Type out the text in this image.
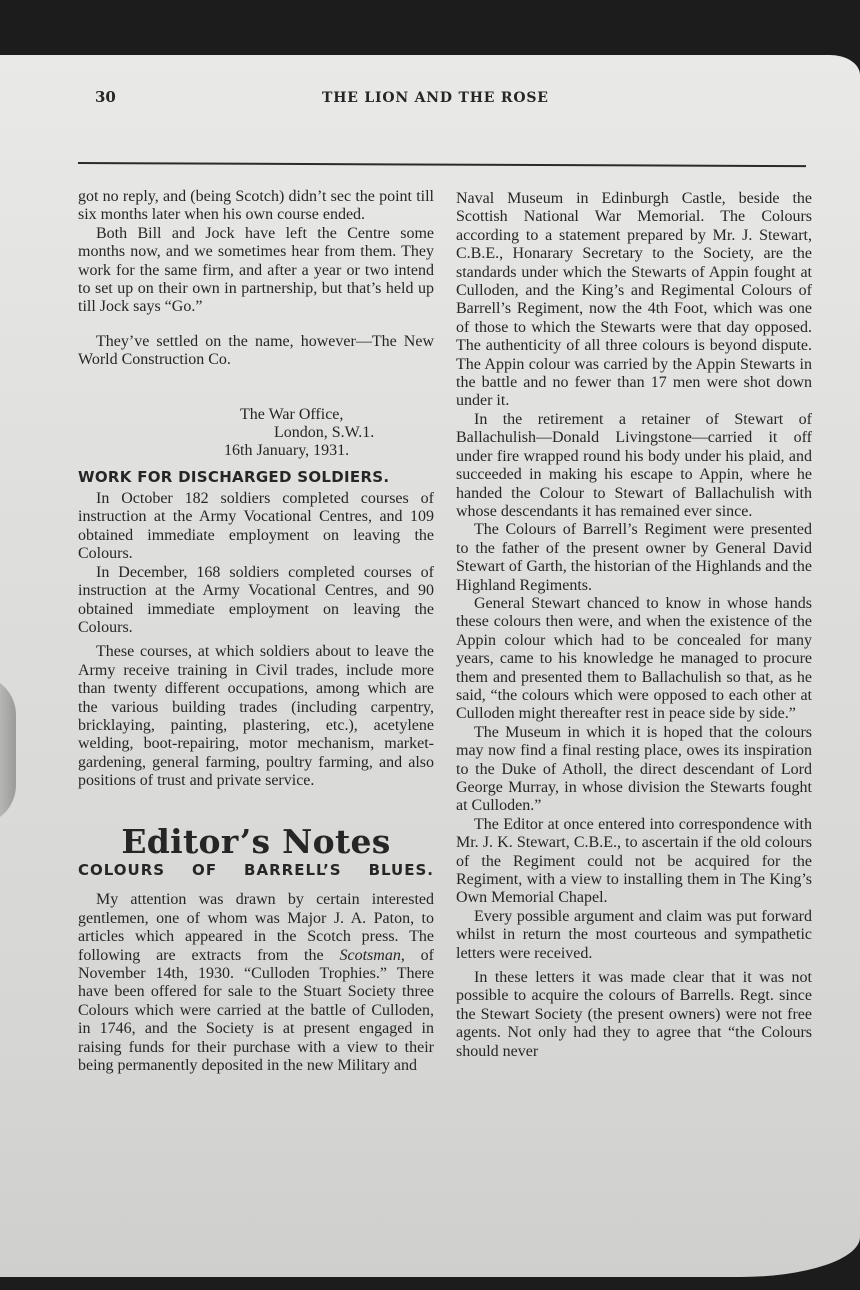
30	THE LION AND THE ROSE

got no reply, and (being Scotch) didn’t sec the point till six months later when his own course ended.

Both Bill and Jock have left the Centre some months now, and we sometimes hear from them. They work for the same firm, and after a year or two intend to set up on their own in partnership, but that’s held up till Jock says “Go.”

They’ve settled on the name, however—The New World Construction Co.

The War Office,
London, S.W.1.
16th January, 1931.
WORK FOR DISCHARGED SOLDIERS.

In October 182 soldiers completed courses of instruction at the Army Vocational Centres, and 109 obtained immediate employment on leaving the Colours.

In December, 168 soldiers completed courses of instruction at the Army Vocational Centres, and 90 obtained immediate employment on leaving the Colours.

These courses, at which soldiers about to leave the Army receive training in Civil trades, include more than twenty different occupations, among which are the various building trades (including carpentry, bricklaying, painting, plastering, etc.), acetylene welding, boot-repairing, motor mechanism, market-gardening, general farming, poultry farming, and also positions of trust and private service.

Editor’s Notes
COLOURS OF BARRELL’S BLUES.

My attention was drawn by certain interested gentlemen, one of whom was Major J. A. Paton, to articles which appeared in the Scotch press. The following are extracts from the Scotsman, of November 14th, 1930. “Culloden Trophies.” There have been offered for sale to the Stuart Society three Colours which were carried at the battle of Culloden, in 1746, and the Society is at present engaged in raising funds for their purchase with a view to their being permanently deposited in the new Military and

Naval Museum in Edinburgh Castle, beside the Scottish National War Memorial. The Colours according to a statement prepared by Mr. J. Stewart, C.B.E., Honarary Secretary to the Society, are the standards under which the Stewarts of Appin fought at Culloden, and the King’s and Regimental Colours of Barrell’s Regiment, now the 4th Foot, which was one of those to which the Stewarts were that day opposed. The authenticity of all three colours is beyond dispute. The Appin colour was carried by the Appin Stewarts in the battle and no fewer than 17 men were shot down under it.

In the retirement a retainer of Stewart of Ballachulish—Donald Livingstone—carried it off under fire wrapped round his body under his plaid, and succeeded in making his escape to Appin, where he handed the Colour to Stewart of Ballachulish with whose descendants it has remained ever since.

The Colours of Barrell’s Regiment were presented to the father of the present owner by General David Stewart of Garth, the historian of the Highlands and the Highland Regiments.

General Stewart chanced to know in whose hands these colours then were, and when the existence of the Appin colour which had to be concealed for many years, came to his knowledge he managed to procure them and presented them to Ballachulish so that, as he said, “the colours which were opposed to each other at Culloden might thereafter rest in peace side by side.”

The Museum in which it is hoped that the colours may now find a final resting place, owes its inspiration to the Duke of Atholl, the direct descendant of Lord George Murray, in whose division the Stewarts fought at Culloden.”

The Editor at once entered into correspondence with Mr. J. K. Stewart, C.B.E., to ascertain if the old colours of the Regiment could not be acquired for the Regiment, with a view to installing them in The King’s Own Memorial Chapel.

Every possible argument and claim was put forward whilst in return the most courteous and sympathetic letters were received.

In these letters it was made clear that it was not possible to acquire the colours of Barrells. Regt. since the Stewart Society (the present owners) were not free agents. Not only had they to agree that “the Colours should never
